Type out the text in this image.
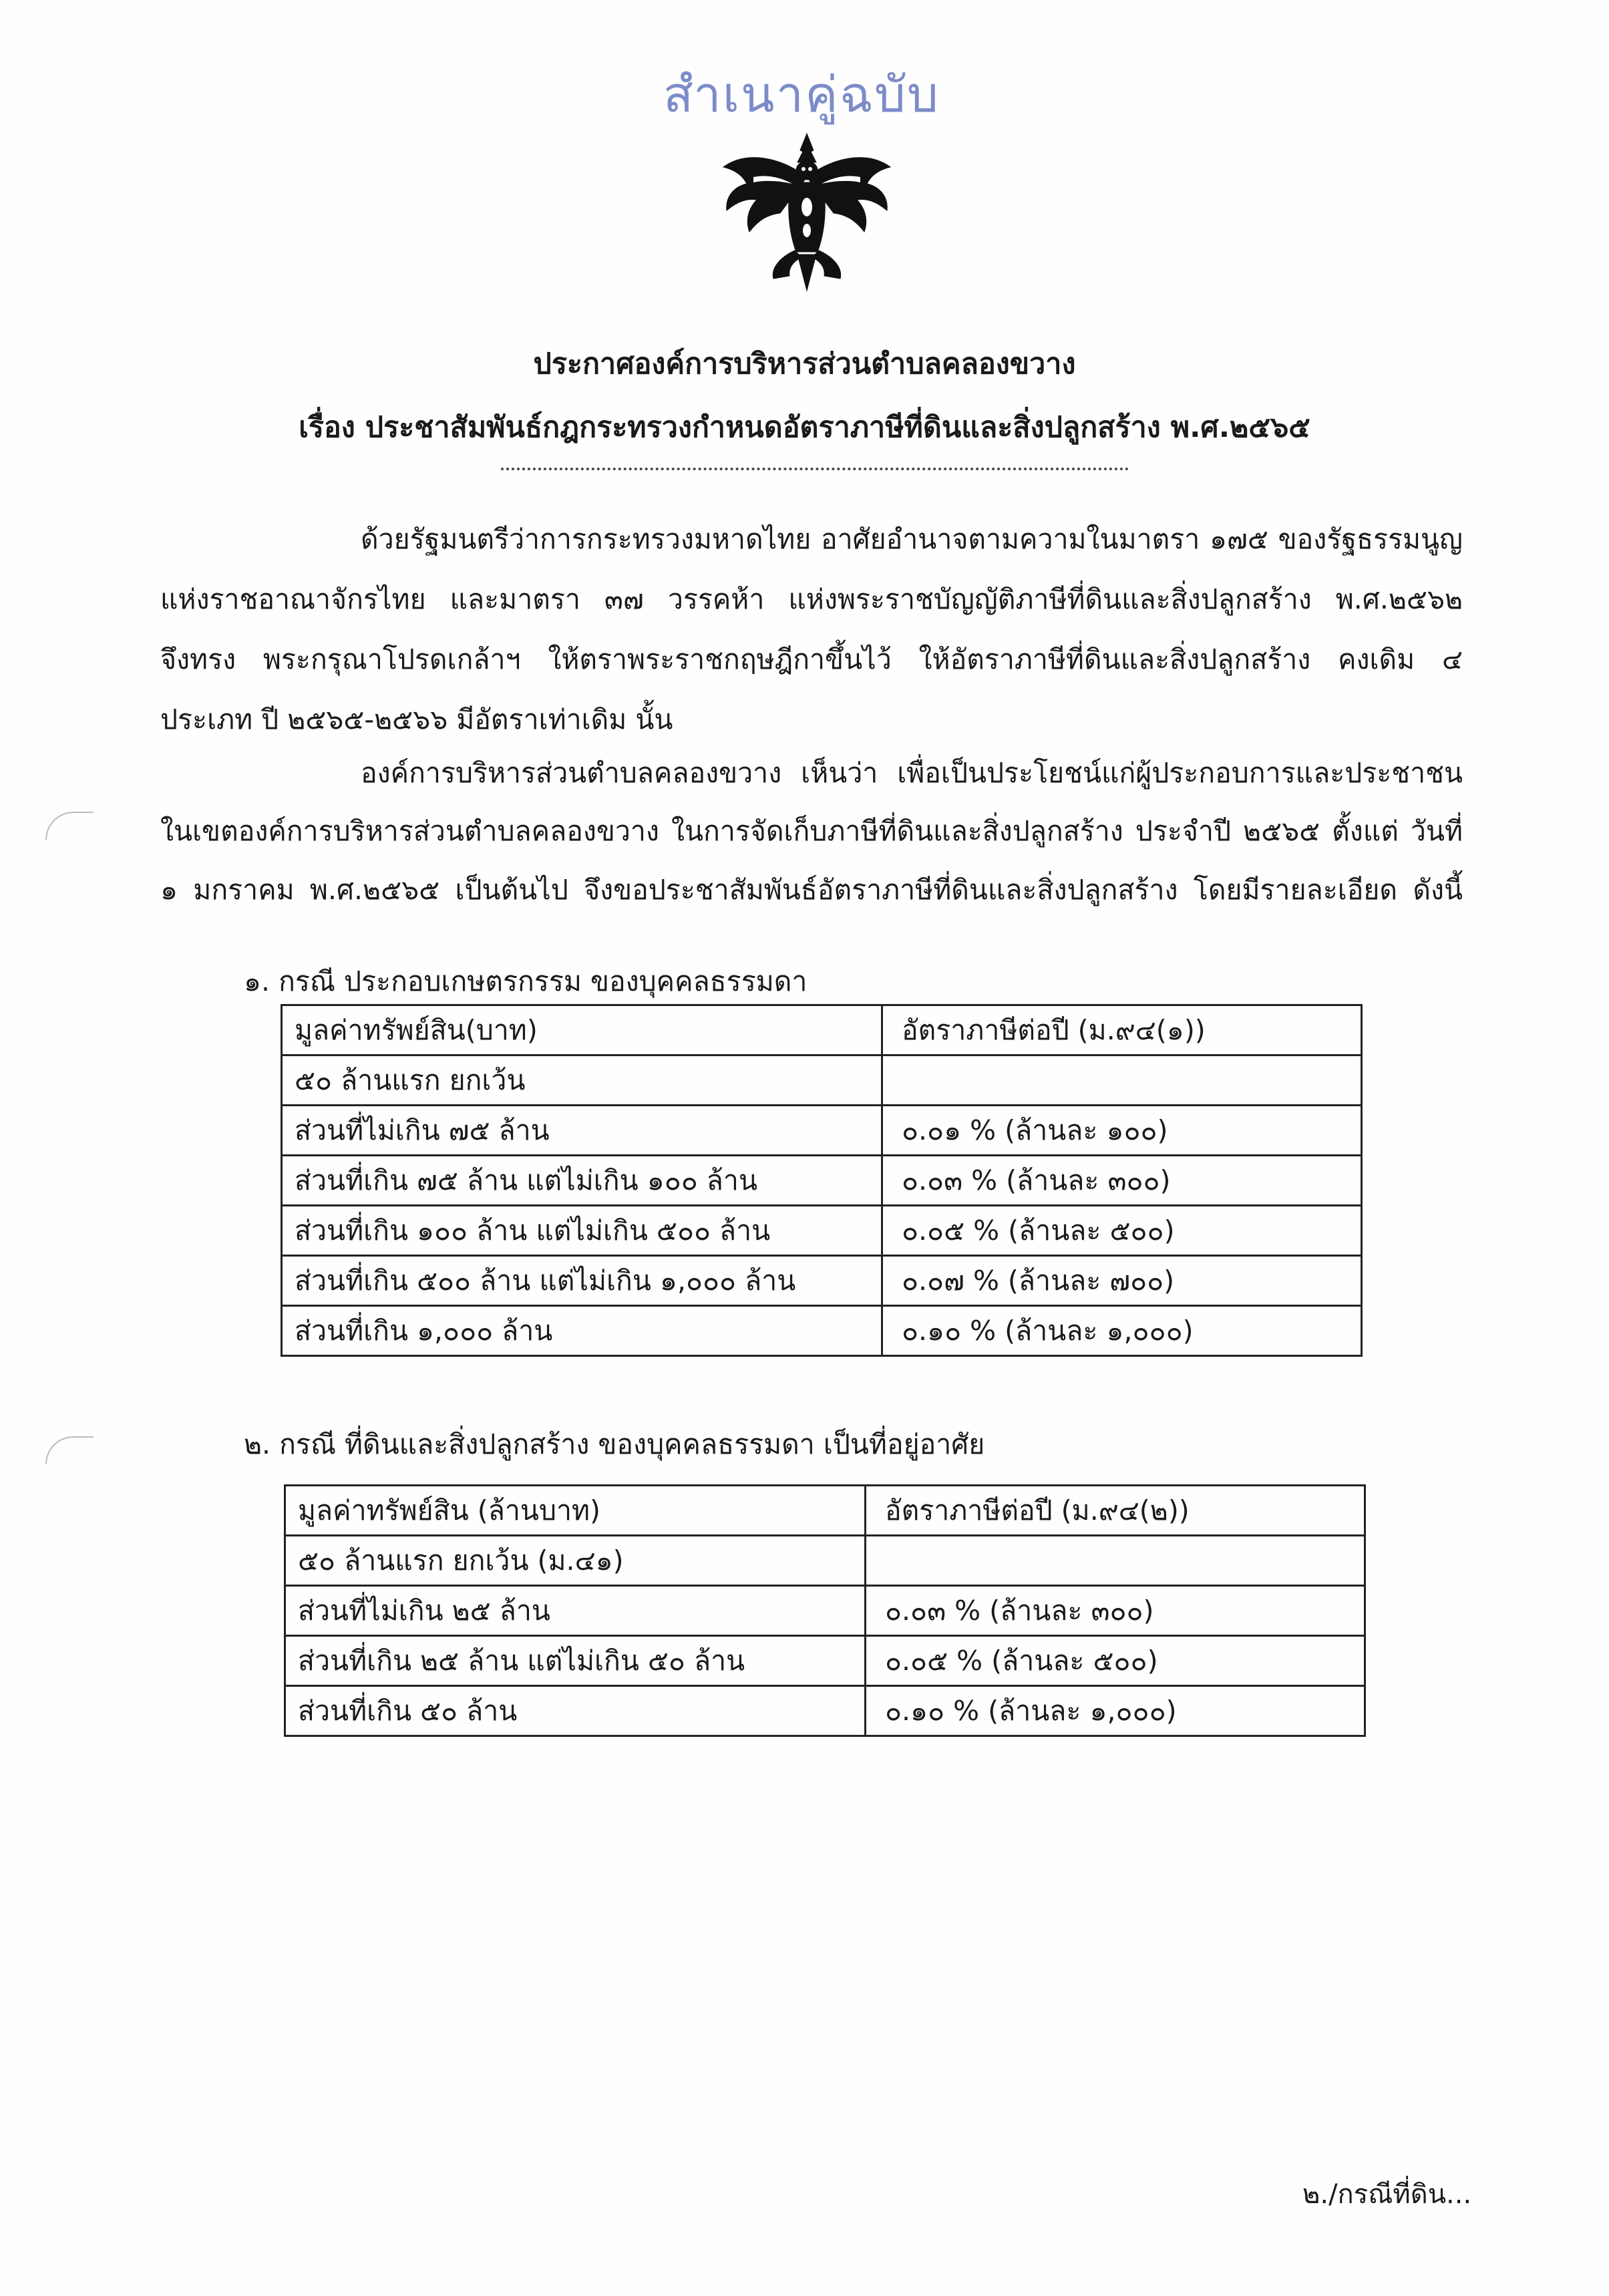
สำเนาคู่ฉบับ
ประกาศองค์การบริหารส่วนตำบลคลองขวาง
เรื่อง ประชาสัมพันธ์กฎกระทรวงกำหนดอัตราภาษีที่ดินและสิ่งปลูกสร้าง พ.ศ.๒๕๖๕
ด้วยรัฐมนตรีว่าการกระทรวงมหาดไทย อาศัยอำนาจตามความในมาตรา ๑๗๕ ของรัฐธรรมนูญ
แห่งราชอาณาจักรไทย และมาตรา ๓๗ วรรคห้า แห่งพระราชบัญญัติภาษีที่ดินและสิ่งปลูกสร้าง พ.ศ.๒๕๖๒
จึงทรง พระกรุณาโปรดเกล้าฯ ให้ตราพระราชกฤษฎีกาขึ้นไว้ ให้อัตราภาษีที่ดินและสิ่งปลูกสร้าง คงเดิม ๔
ประเภท ปี ๒๕๖๕-๒๕๖๖ มีอัตราเท่าเดิม นั้น
องค์การบริหารส่วนตำบลคลองขวาง เห็นว่า เพื่อเป็นประโยชน์แก่ผู้ประกอบการและประชาชน
ในเขตองค์การบริหารส่วนตำบลคลองขวาง ในการจัดเก็บภาษีที่ดินและสิ่งปลูกสร้าง ประจำปี ๒๕๖๕ ตั้งแต่ วันที่
๑ มกราคม พ.ศ.๒๕๖๕ เป็นต้นไป จึงขอประชาสัมพันธ์อัตราภาษีที่ดินและสิ่งปลูกสร้าง โดยมีรายละเอียด ดังนี้
๑. กรณี ประกอบเกษตรกรรม ของบุคคลธรรมดา
มูลค่าทรัพย์สิน(บาท)	อัตราภาษีต่อปี (ม.๙๔(๑))
๕๐ ล้านแรก ยกเว้น	
ส่วนที่ไม่เกิน ๗๕ ล้าน	๐.๐๑ % (ล้านละ ๑๐๐)
ส่วนที่เกิน ๗๕ ล้าน แต่ไม่เกิน ๑๐๐ ล้าน	๐.๐๓ % (ล้านละ ๓๐๐)
ส่วนที่เกิน ๑๐๐ ล้าน แต่ไม่เกิน ๕๐๐ ล้าน	๐.๐๕ % (ล้านละ ๕๐๐)
ส่วนที่เกิน ๕๐๐ ล้าน แต่ไม่เกิน ๑,๐๐๐ ล้าน	๐.๐๗ % (ล้านละ ๗๐๐)
ส่วนที่เกิน ๑,๐๐๐ ล้าน	๐.๑๐ % (ล้านละ ๑,๐๐๐)
๒. กรณี ที่ดินและสิ่งปลูกสร้าง ของบุคคลธรรมดา เป็นที่อยู่อาศัย
มูลค่าทรัพย์สิน (ล้านบาท)	อัตราภาษีต่อปี (ม.๙๔(๒))
๕๐ ล้านแรก ยกเว้น (ม.๔๑)	
ส่วนที่ไม่เกิน ๒๕ ล้าน	๐.๐๓ % (ล้านละ ๓๐๐)
ส่วนที่เกิน ๒๕ ล้าน แต่ไม่เกิน ๕๐ ล้าน	๐.๐๕ % (ล้านละ ๕๐๐)
ส่วนที่เกิน ๕๐ ล้าน	๐.๑๐ % (ล้านละ ๑,๐๐๐)
๒./กรณีที่ดิน...
